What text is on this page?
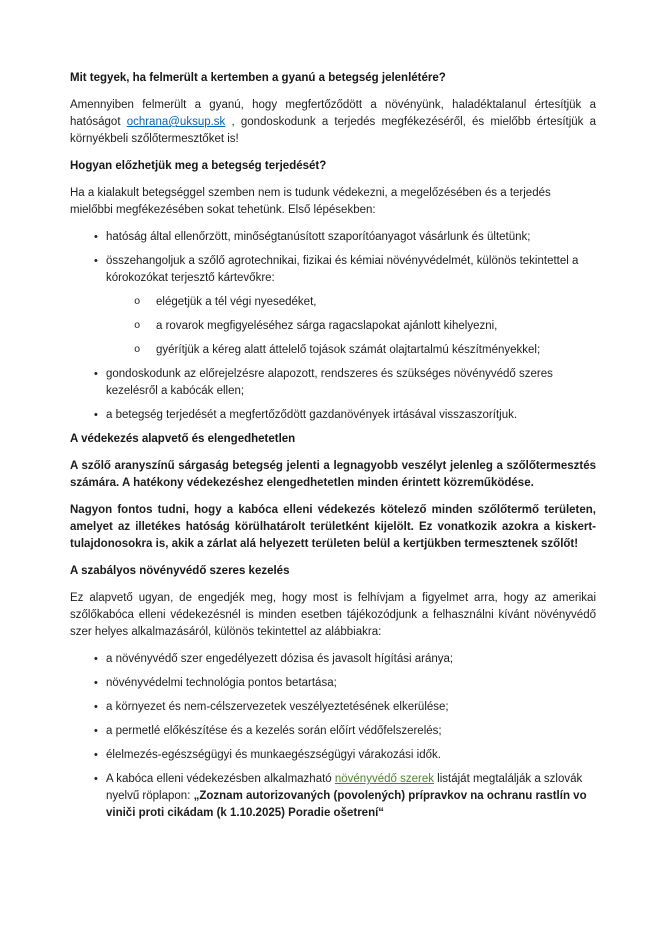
Mit tegyek, ha felmerült a kertemben a gyanú a betegség jelenlétére?
Amennyiben felmerült a gyanú, hogy megfertőződött a növényünk, haladéktalanul értesítjük a hatóságot ochrana@uksup.sk , gondoskodunk a terjedés megfékezéséről, és mielőbb értesítjük a környékbeli szőlőtermesztőket is!
Hogyan előzhetjük meg a betegség terjedését?
Ha a kialakult betegséggel szemben nem is tudunk védekezni, a megelőzésében és a terjedés mielőbbi megfékezésében sokat tehetünk. Első lépésekben:
• hatóság által ellenőrzött, minőségtanúsított szaporítóanyagot vásárlunk és ültetünk;
• összehangoljuk a szőlő agrotechnikai, fizikai és kémiai növényvédelmét, különös tekintettel a kórokozókat terjesztő kártevőkre:
o elégetjük a tél végi nyesedéket,
o a rovarok megfigyeléséhez sárga ragacslapokat ajánlott kihelyezni,
o gyérítjük a kéreg alatt áttelelő tojások számát olajtartalmú készítményekkel;
• gondoskodunk az előrejelzésre alapozott, rendszeres és szükséges növényvédő szeres kezelésről a kabócák ellen;
• a betegség terjedését a megfertőződött gazdanövények irtásával visszaszorítjuk.
A védekezés alapvető és elengedhetetlen
A szőlő aranyszínű sárgaság betegség jelenti a legnagyobb veszélyt jelenleg a szőlőtermesztés számára. A hatékony védekezéshez elengedhetetlen minden érintett közreműködése.
Nagyon fontos tudni, hogy a kabóca elleni védekezés kötelező minden szőlőtermő területen, amelyet az illetékes hatóság körülhatárolt területként kijelölt. Ez vonatkozik azokra a kiskert-tulajdonosokra is, akik a zárlat alá helyezett területen belül a kertjükben termesztenek szőlőt!
A szabályos növényvédő szeres kezelés
Ez alapvető ugyan, de engedjék meg, hogy most is felhívjam a figyelmet arra, hogy az amerikai szőlőkabóca elleni védekezésnél is minden esetben tájékozódjunk a felhasználni kívánt növényvédő szer helyes alkalmazásáról, különös tekintettel az alábbiakra:
• a növényvédő szer engedélyezett dózisa és javasolt hígítási aránya;
• növényvédelmi technológia pontos betartása;
• a környezet és nem-célszervezetek veszélyeztetésének elkerülése;
• a permetlé előkészítése és a kezelés során előírt védőfelszerelés;
• élelmezés-egészségügyi és munkaegészségügyi várakozási idők.
• A kabóca elleni védekezésben alkalmazható növényvédő szerek listáját megtalálják a szlovák nyelvű röplapon: „Zoznam autorizovaných (povolených) prípravkov na ochranu rastlín vo viniči proti cikádam (k 1.10.2025) Poradie ošetrení“
